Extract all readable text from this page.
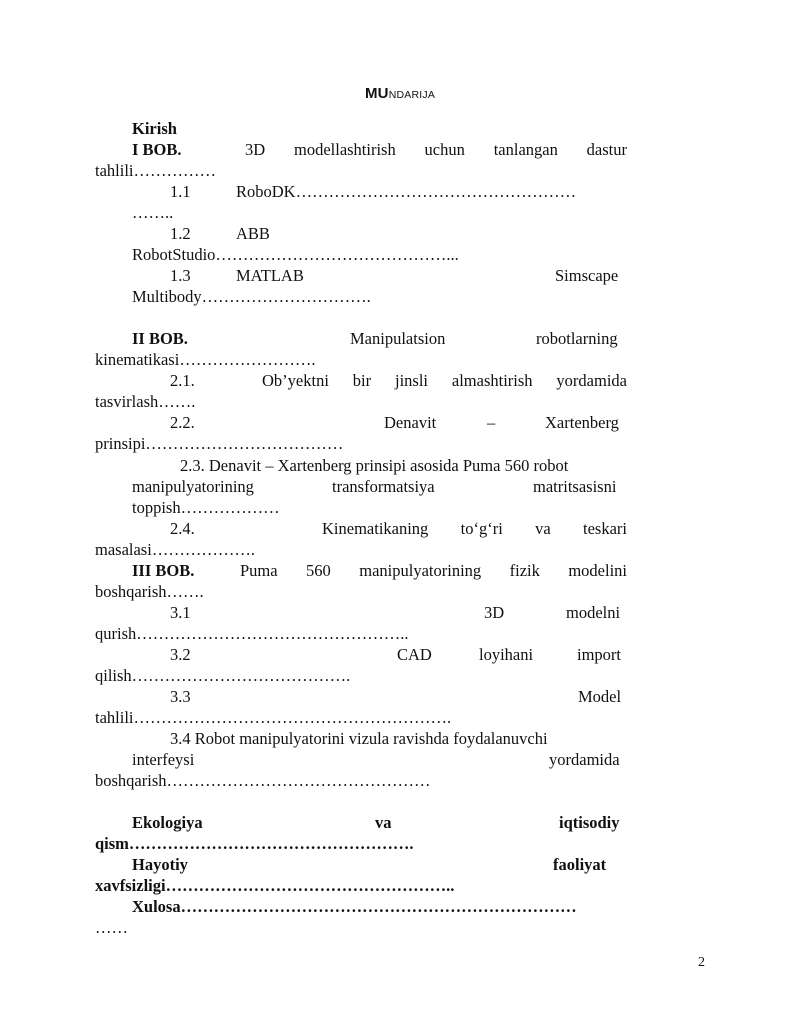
MUNDARIJA
Kirish
I BOB.	3D modellashtirish uchun tanlangan dastur
tahlili……………
1.1	RoboDK……………………………………………
……..
1.2	ABB
RobotStudio……………………………………...
1.3	MATLAB	Simscape
Multibody………………………….
II BOB.	Manipulatsion	robotlarning
kinematikasi…………………….
2.1.	Ob’yektni bir jinsli almashtirish yordamida
tasvirlash…….
2.2.	Denavit	–	Xartenberg
prinsipi………………………………
2.3. Denavit – Xartenberg prinsipi asosida Puma 560 robot
manipulyatorining	transformatsiya	matritsasisni
toppish………………
2.4.	Kinematikaning to‘g‘ri va teskari
masalasi……………….
III BOB.	Puma 560 manipulyatorining fizik modelini
boshqarish…….
3.1	3D	modelni
qurish…………………………………………..
3.2	CAD	loyihani	import
qilish………………………………….
3.3	Model
tahlili………………………………………………….
3.4 Robot manipulyatorini vizula ravishda foydalanuvchi
interfeysi	yordamida
boshqarish…………………………………………
Ekologiya	va	iqtisodiy
qism…………………………………………….
Hayotiy	faoliyat
xavfsizligi……………………………………………..
Xulosa………………………………………………………………
……
2
